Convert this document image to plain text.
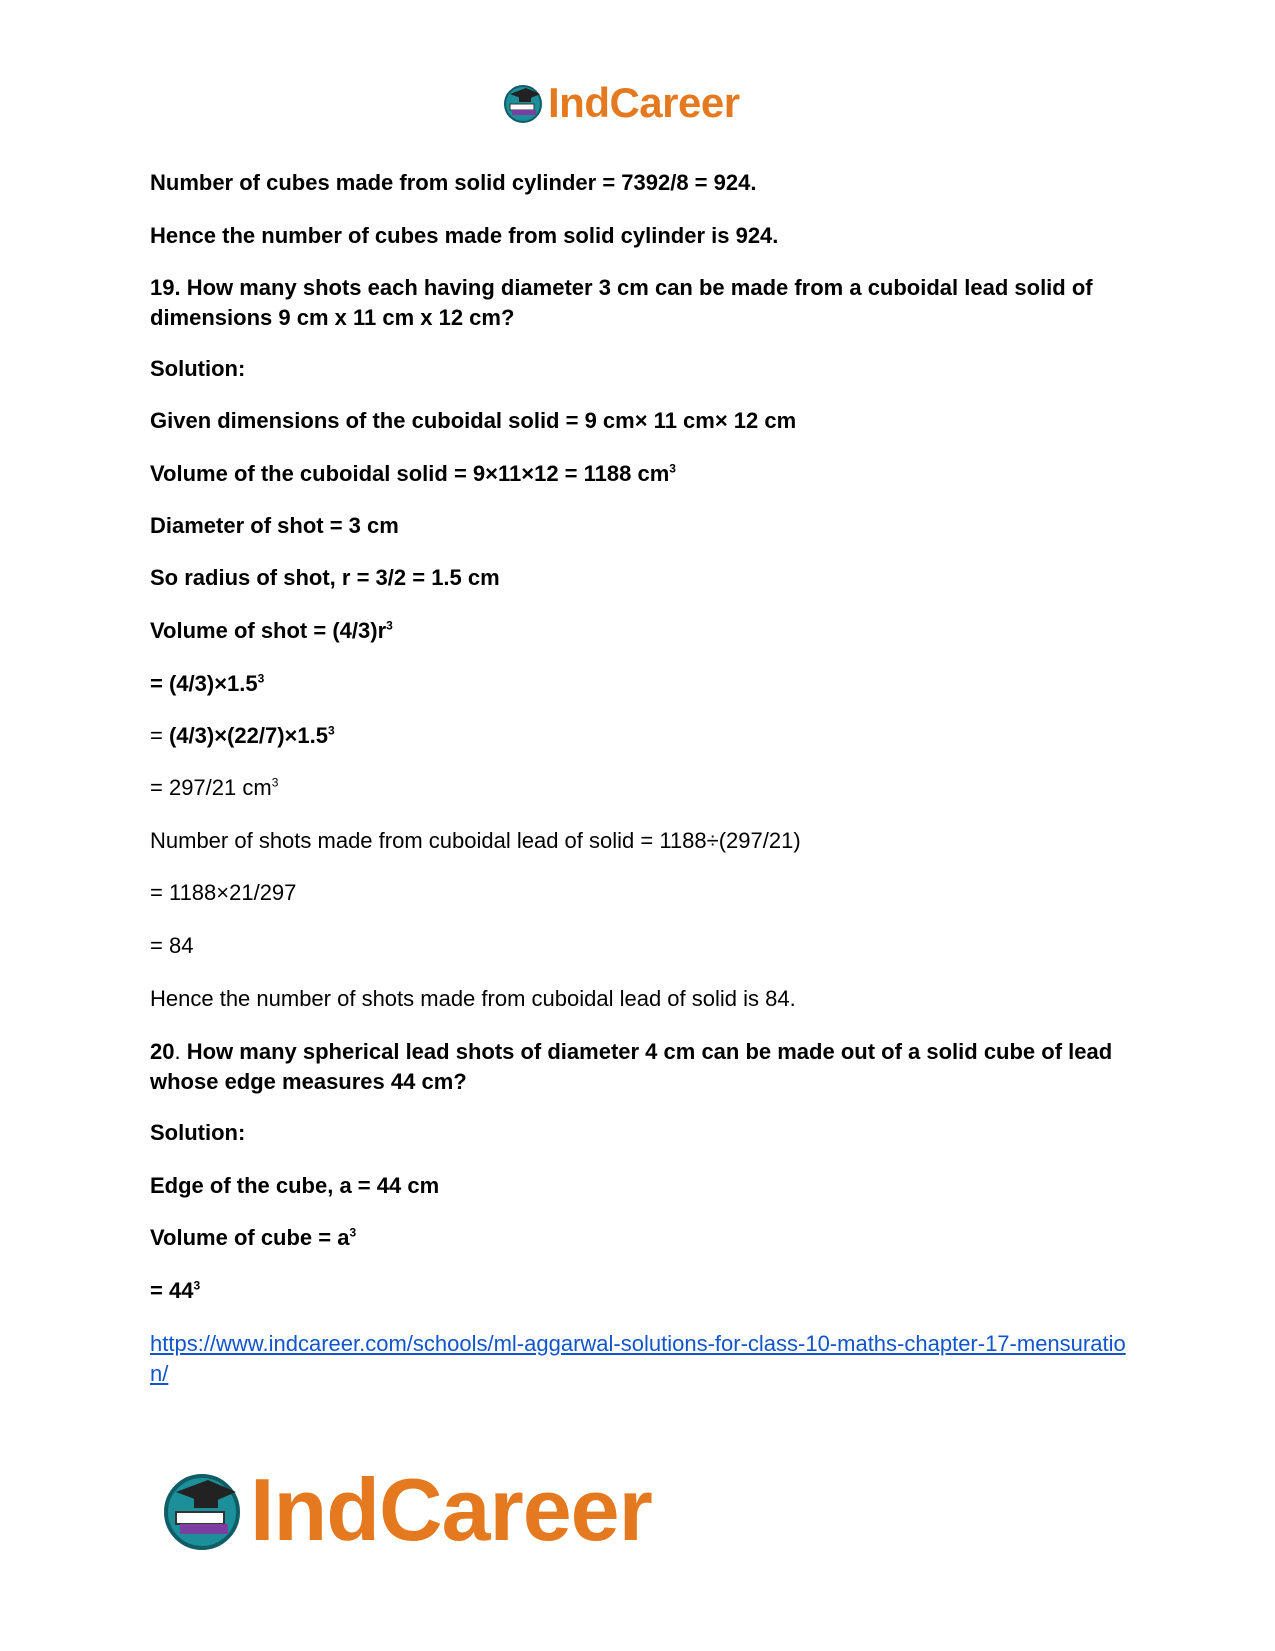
IndCareer
Number of cubes made from solid cylinder = 7392/8 = 924.
Hence the number of cubes made from solid cylinder is 924.
19. How many shots each having diameter 3 cm can be made from a cuboidal lead solid of dimensions 9 cm x 11 cm x 12 cm?
Solution:
Given dimensions of the cuboidal solid = 9 cm× 11 cm× 12 cm
Volume of the cuboidal solid = 9×11×12 = 1188 $cm^3$
Diameter of shot = 3 cm
So radius of shot, r = 3/2 = 1.5 cm
Volume of shot = $(4/3)r^3$
= $(4/3)\times 1.5^3$
= $(4/3)\times(22/7)\times 1.5^3$
= 297/21 $cm^3$
Number of shots made from cuboidal lead of solid = 1188÷(297/21)
= 1188×21/297
= 84
Hence the number of shots made from cuboidal lead of solid is 84.
20. How many spherical lead shots of diameter 4 cm can be made out of a solid cube of lead whose edge measures 44 cm?
Solution:
Edge of the cube, a = 44 cm
Volume of cube = $a^3$
= $44^3$
https://www.indcareer.com/schools/ml-aggarwal-solutions-for-class-10-maths-chapter-17-mensuration/
IndCareer
